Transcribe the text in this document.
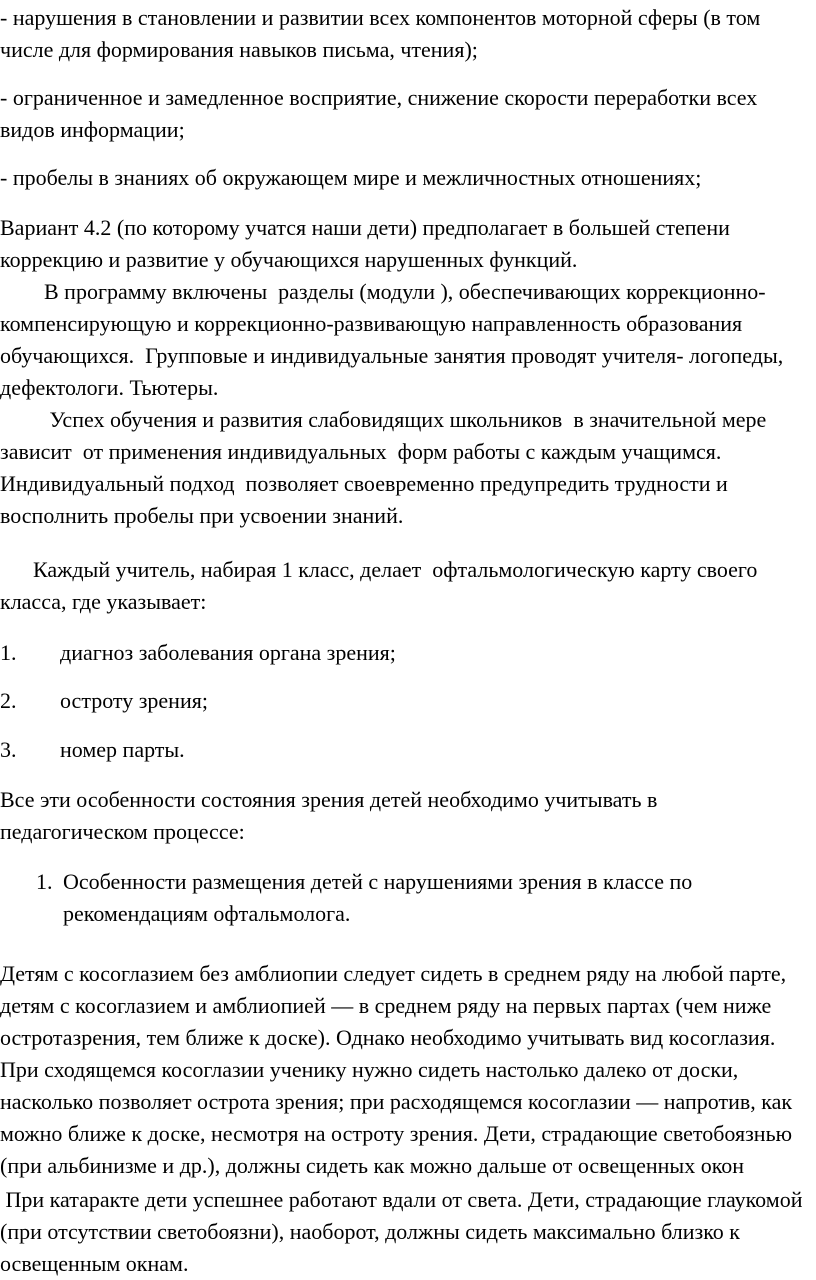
- нарушения в становлении и развитии всех компонентов моторной сферы (в том числе для формирования навыков письма, чтения);

- ограниченное и замедленное восприятие, снижение скорости переработки всех видов информации;

- пробелы в знаниях об окружающем мире и межличностных отношениях;

Вариант 4.2 (по которому учатся наши дети) предполагает в большей степени коррекцию и развитие у обучающихся нарушенных функций.

В программу включены  разделы (модули ), обеспечивающих коррекционно-компенсирующую и коррекционно-развивающую направленность образования обучающихся.  Групповые и индивидуальные занятия проводят учителя- логопеды, дефектологи. Тьютеры.

Успех обучения и развития слабовидящих школьников  в значительной мере зависит  от применения индивидуальных  форм работы с каждым учащимся. Индивидуальный подход  позволяет своевременно предупредить трудности и восполнить пробелы при усвоении знаний.

Каждый учитель, набирая 1 класс, делает  офтальмологическую карту своего класса, где указывает:

1. диагноз заболевания органа зрения;
2. остроту зрения;
3. номер парты.

Все эти особенности состояния зрения детей необходимо учитывать в педагогическом процессе:

1. Особенности размещения детей с нарушениями зрения в классе по рекомендациям офтальмолога.

Детям с косоглазием без амблиопии следует сидеть в среднем ряду на любой парте, детям с косоглазием и амблиопией — в среднем ряду на первых партах (чем ниже остротазрения, тем ближе к доске). Однако необходимо учитывать вид косоглазия. При сходящемся косоглазии ученику нужно сидеть настолько далеко от доски, насколько позволяет острота зрения; при расходящемся косоглазии — напротив, как можно ближе к доске, несмотря на остроту зрения. Дети, страдающие светобоязнью (при альбинизме и др.), должны сидеть как можно дальше от освещенных окон

При катаракте дети успешнее работают вдали от света. Дети, страдающие глаукомой (при отсутствии светобоязни), наоборот, должны сидеть максимально близко к освещенным окнам.
